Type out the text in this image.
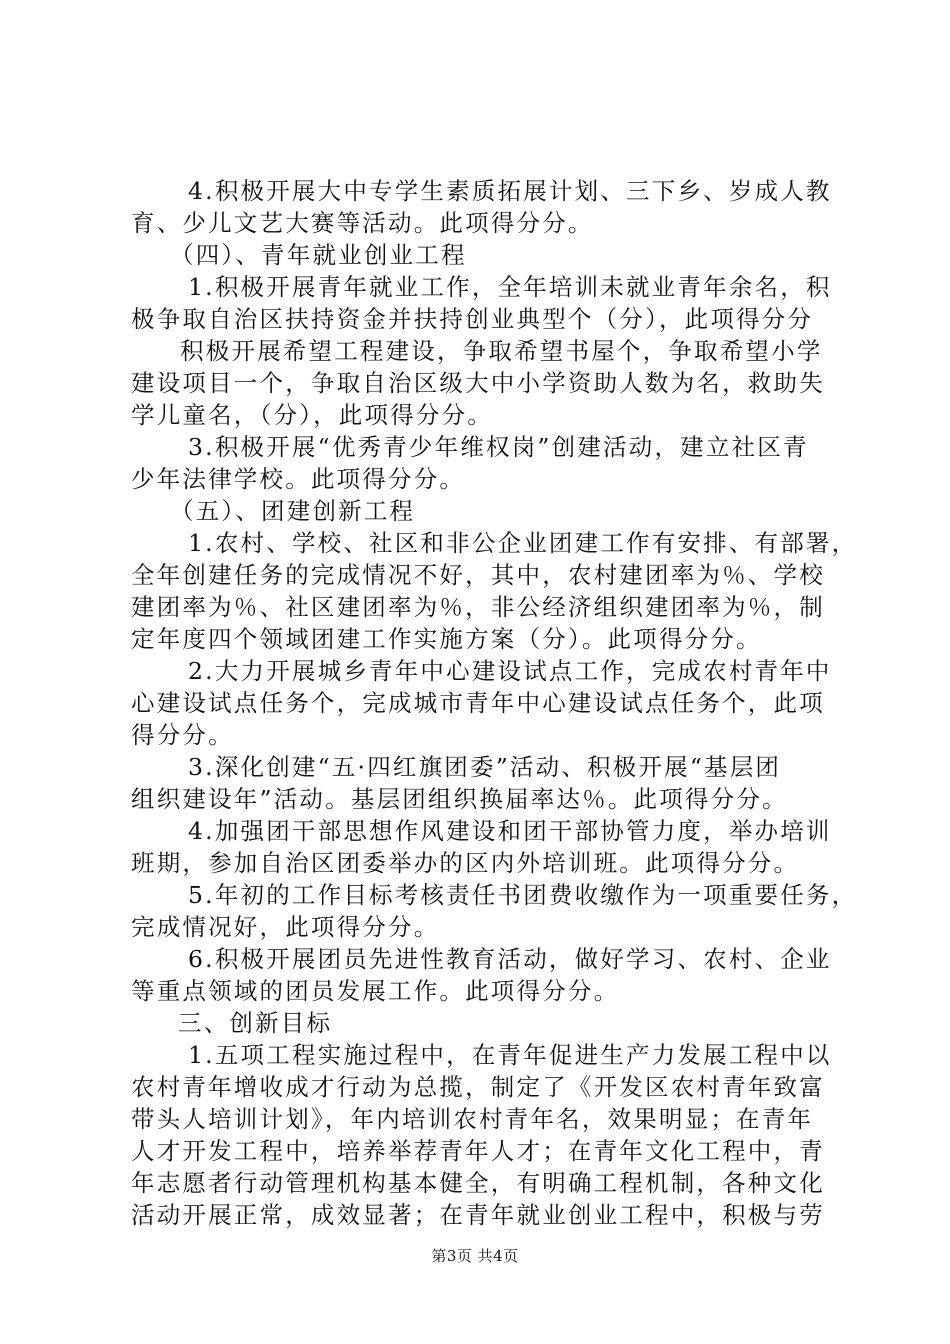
4.积极开展大中专学生素质拓展计划、三下乡、岁成人教
育、少儿文艺大赛等活动。此项得分分。
（四）、青年就业创业工程
1.积极开展青年就业工作，全年培训未就业青年余名，积
极争取自治区扶持资金并扶持创业典型个（分），此项得分分
积极开展希望工程建设，争取希望书屋个，争取希望小学
建设项目一个，争取自治区级大中小学资助人数为名，救助失
学儿童名，（分），此项得分分。
3.积极开展“优秀青少年维权岗”创建活动，建立社区青
少年法律学校。此项得分分。
（五）、团建创新工程
1.农村、学校、社区和非公企业团建工作有安排、有部署，
全年创建任务的完成情况不好，其中，农村建团率为％、学校
建团率为％、社区建团率为％，非公经济组织建团率为％，制
定年度四个领域团建工作实施方案（分）。此项得分分。
2.大力开展城乡青年中心建设试点工作，完成农村青年中
心建设试点任务个，完成城市青年中心建设试点任务个，此项
得分分。
3.深化创建“五·四红旗团委”活动、积极开展“基层团
组织建设年”活动。基层团组织换届率达％。此项得分分。
4.加强团干部思想作风建设和团干部协管力度，举办培训
班期，参加自治区团委举办的区内外培训班。此项得分分。
5.年初的工作目标考核责任书团费收缴作为一项重要任务，
完成情况好，此项得分分。
6.积极开展团员先进性教育活动，做好学习、农村、企业
等重点领域的团员发展工作。此项得分分。
三、创新目标
1.五项工程实施过程中，在青年促进生产力发展工程中以
农村青年增收成才行动为总揽，制定了《开发区农村青年致富
带头人培训计划》，年内培训农村青年名，效果明显；在青年
人才开发工程中，培养举荐青年人才；在青年文化工程中，青
年志愿者行动管理机构基本健全，有明确工程机制，各种文化
活动开展正常，成效显著；在青年就业创业工程中，积极与劳
第3页 共4页
